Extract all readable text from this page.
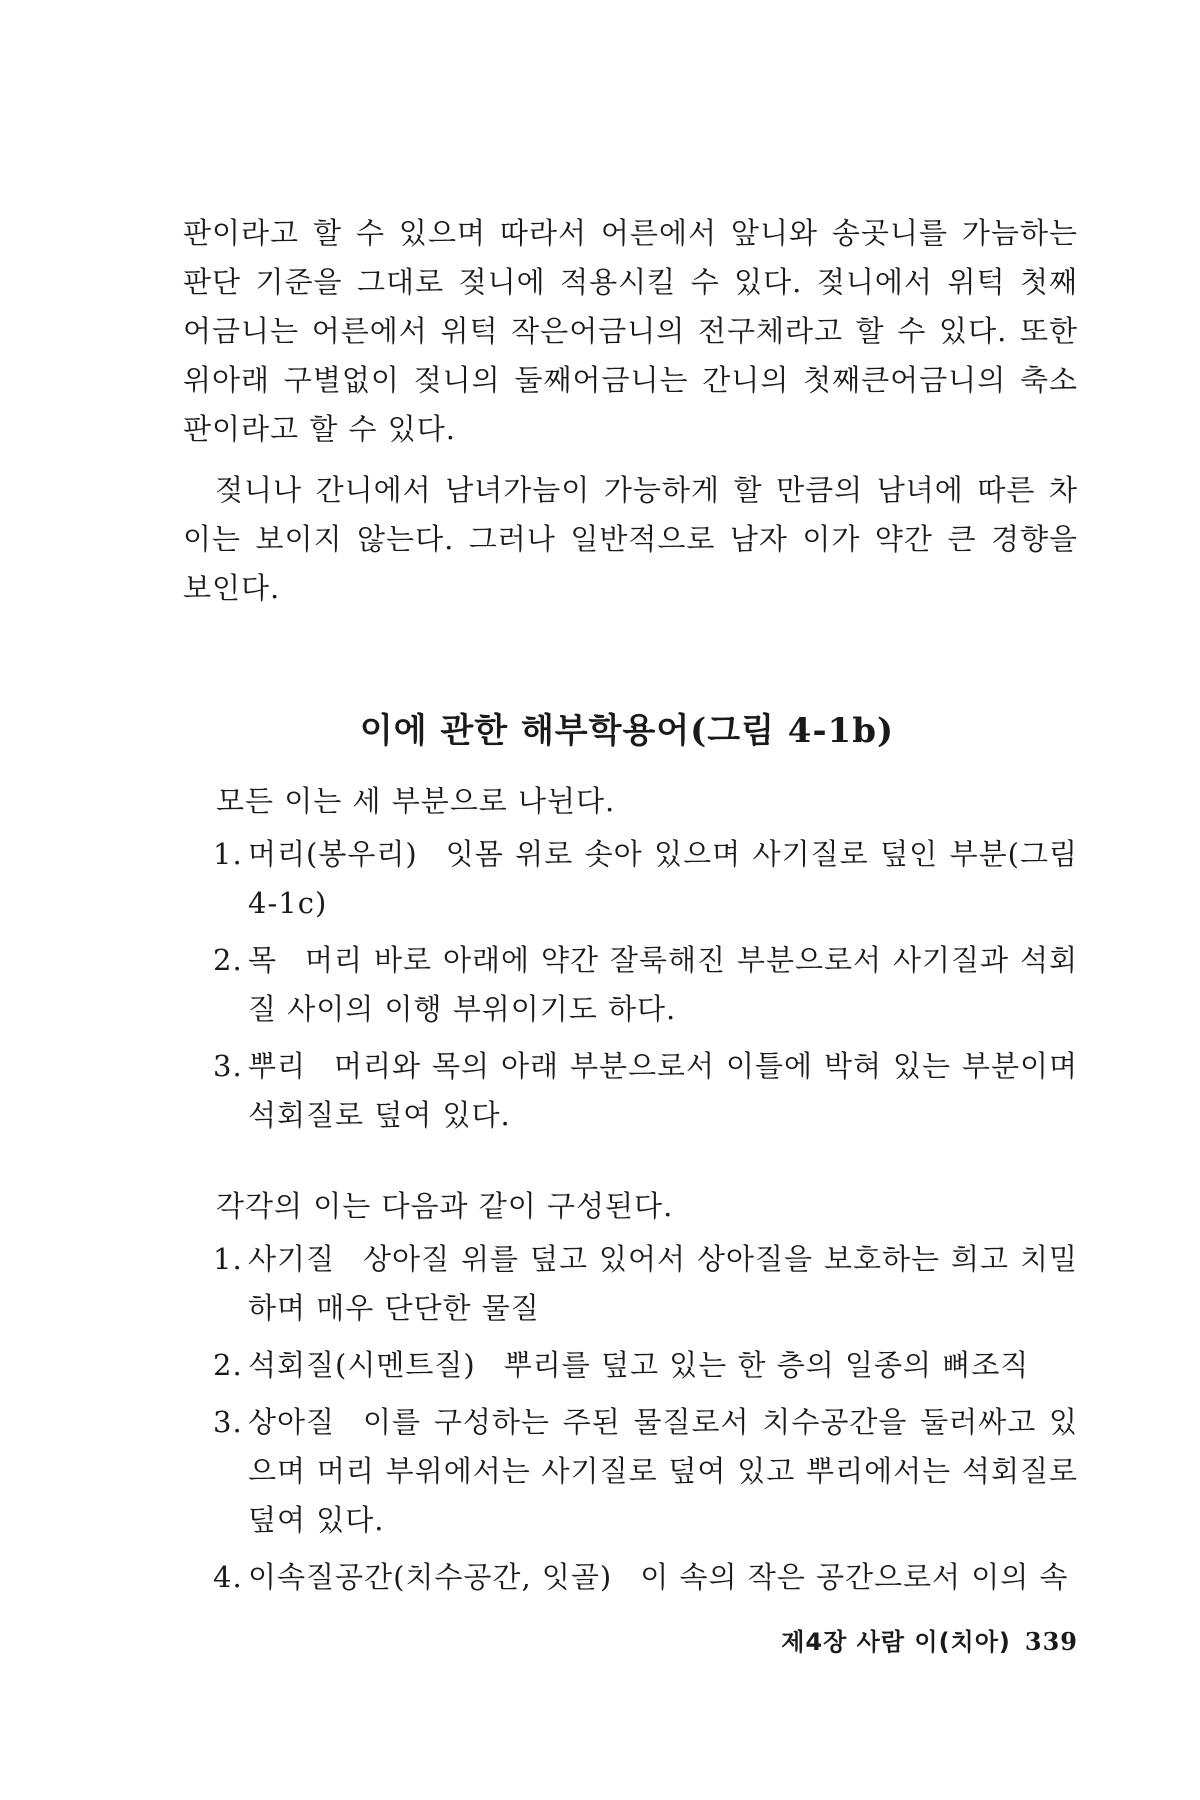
판이라고 할 수 있으며 따라서 어른에서 앞니와 송곳니를 가늠하는 판단 기준을 그대로 젖니에 적용시킬 수 있다. 젖니에서 위턱 첫째 어금니는 어른에서 위턱 작은어금니의 전구체라고 할 수 있다. 또한 위아래 구별없이 젖니의 둘째어금니는 간니의 첫째큰어금니의 축소판이라고 할 수 있다.

젖니나 간니에서 남녀가늠이 가능하게 할 만큼의 남녀에 따른 차이는 보이지 않는다. 그러나 일반적으로 남자 이가 약간 큰 경향을 보인다.

이에 관한 해부학용어(그림 4-1b)
모든 이는 세 부분으로 나뉜다.
1. 머리(봉우리) 잇몸 위로 솟아 있으며 사기질로 덮인 부분(그림 4-1c)
2. 목 머리 바로 아래에 약간 잘룩해진 부분으로서 사기질과 석회질 사이의 이행 부위이기도 하다.
3. 뿌리 머리와 목의 아래 부분으로서 이틀에 박혀 있는 부분이며 석회질로 덮여 있다.
각각의 이는 다음과 같이 구성된다.
1. 사기질 상아질 위를 덮고 있어서 상아질을 보호하는 희고 치밀하며 매우 단단한 물질
2. 석회질(시멘트질) 뿌리를 덮고 있는 한 층의 일종의 뼈조직
3. 상아질 이를 구성하는 주된 물질로서 치수공간을 둘러싸고 있으며 머리 부위에서는 사기질로 덮여 있고 뿌리에서는 석회질로 덮여 있다.
4. 이속질공간(치수공간, 잇골) 이 속의 작은 공간으로서 이의 속
제4장 사람 이(치아) 339
